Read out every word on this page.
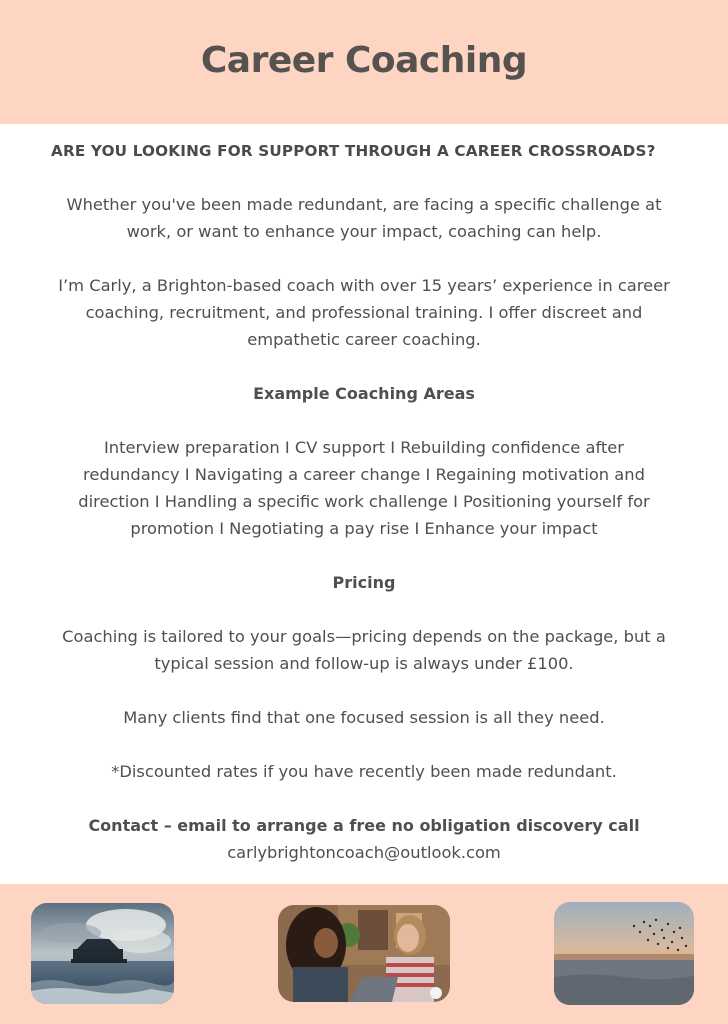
Career Coaching

ARE YOU LOOKING FOR SUPPORT THROUGH A CAREER CROSSROADS?

Whether you've been made redundant, are facing a specific challenge at work, or want to enhance your impact, coaching can help.

I’m Carly, a Brighton-based coach with over 15 years’ experience in career coaching, recruitment, and professional training. I offer discreet and empathetic career coaching.

Example Coaching Areas

Interview preparation I CV support I Rebuilding confidence after redundancy I Navigating a career change I Regaining motivation and direction I Handling a specific work challenge I Positioning yourself for promotion I Negotiating a pay rise I Enhance your impact

Pricing

Coaching is tailored to your goals—pricing depends on the package, but a typical session and follow-up is always under £100.

Many clients find that one focused session is all they need.

*Discounted rates if you have recently been made redundant.

Contact – email to arrange a free no obligation discovery call

carlybrightoncoach@outlook.com
